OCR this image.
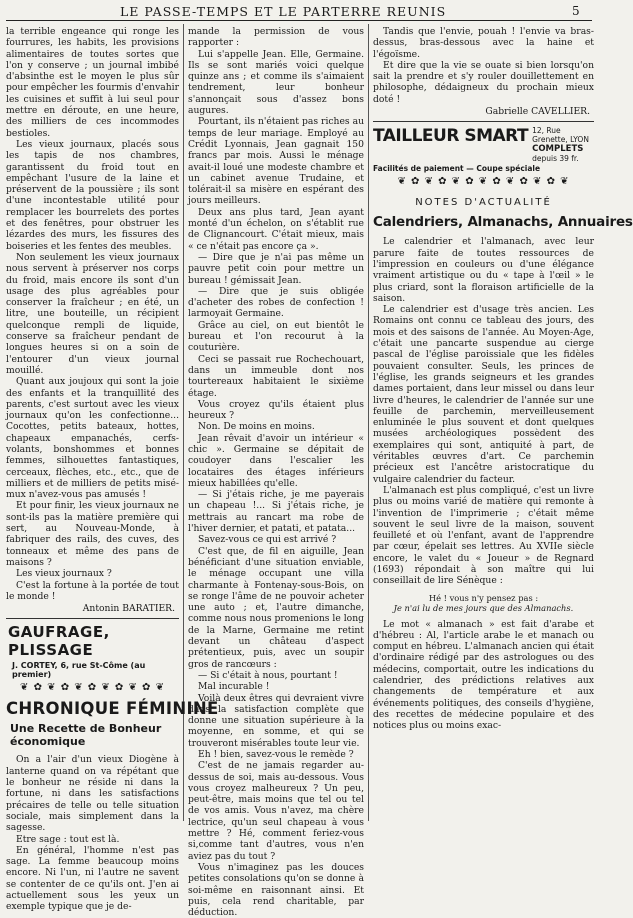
LE PASSE-TEMPS ET LE PARTERRE REUNIS	5

la terrible engeance qui ronge les fourrures, les habits, les provisions alimentaires de toutes sortes que l'on y conserve ; un journal imbibé d'absinthe est le moyen le plus sûr pour empêcher les fourmis d'envahir les cuisines et suffit à lui seul pour mettre en déroute, en une heure, des milliers de ces incommodes bestioles.

Les vieux journaux, placés sous les tapis de nos chambres, garantissent du froid tout en empêchant l'usure de la laine et préservent de la poussière ; ils sont d'une incontestable utilité pour remplacer les bourrelets des portes et des fenêtres, pour obstruer les lézardes des murs, les fissures des boiseries et les fentes des meubles.

Non seulement les vieux journaux nous servent à préserver nos corps du froid, mais encore ils sont d'un usage des plus agréables pour conserver la fraîcheur ; en été, un litre, une bouteille, un récipient quelconque rempli de liquide, conserve sa fraîcheur pendant de longues heures si on a soin de l'entourer d'un vieux journal mouillé.

Quant aux joujoux qui sont la joie des enfants et la tranquillité des parents, c'est surtout avec les vieux journaux qu'on les confectionne... Cocottes, petits bateaux, hottes, chapeaux empanachés, cerfs-volants, bonshommes et bonnes femmes, silhouettes fantastiques, cerceaux, flèches, etc., etc., que de milliers et de milliers de petits misé-mux n'avez-vous pas amusés !

Et pour finir, les vieux journaux ne sont-ils pas la matière première qui sert, au Nouveau-Monde, à fabriquer des rails, des cuves, des tonneaux et même des pans de maisons ?

Les vieux journaux ?

C'est la fortune à la portée de tout le monde !

Antonin BARATIER.

GAUFRAGE, PLISSAGE
J. CORTEY, 6, rue St-Côme (au premier)
❦ ✿ ❦ ✿ ❦ ✿ ❦ ✿ ❦ ✿ ❦
CHRONIQUE FÉMININE
Une Recette de Bonheur économique

On a l'air d'un vieux Diogène à lanterne quand on va répétant que le bonheur ne réside ni dans la fortune, ni dans les satisfactions précaires de telle ou telle situation sociale, mais simplement dans la sagesse.

Etre sage : tout est là.

En général, l'homme n'est pas sage. La femme beaucoup moins encore. Ni l'un, ni l'autre ne savent se contenter de ce qu'ils ont. J'en ai actuellement sous les yeux un exemple typique que je de-

mande la permission de vous rapporter :

Lui s'appelle Jean. Elle, Germaine. Ils se sont mariés voici quelque quinze ans ; et comme ils s'aimaient tendrement, leur bonheur s'annonçait sous d'assez bons augures.

Pourtant, ils n'étaient pas riches au temps de leur mariage. Employé au Crédit Lyonnais, Jean gagnait 150 francs par mois. Aussi le ménage avait-il loué une modeste chambre et un cabinet avenue Trudaine, et tolérait-il sa misère en espérant des jours meilleurs.

Deux ans plus tard, Jean ayant monté d'un échelon, on s'établit rue de Clignancourt. C'était mieux, mais « ce n'était pas encore ça ».

— Dire que je n'ai pas même un pauvre petit coin pour mettre un bureau ! gémissait Jean.

— Dire que je suis obligée d'acheter des robes de confection ! larmoyait Germaine.

Grâce au ciel, on eut bientôt le bureau et l'on recourut à la couturière.

Ceci se passait rue Rochechouart, dans un immeuble dont nos tourtereaux habitaient le sixième étage.

Vous croyez qu'ils étaient plus heureux ?

Non. De moins en moins.

Jean rêvait d'avoir un intérieur « chic ». Germaine se dépitait de coudoyer dans l'escalier les locataires des étages inférieurs mieux habillées qu'elle.

— Si j'étais riche, je me payerais un chapeau !... Si j'étais riche, je mettrais au rancart ma robe de l'hiver dernier, et patati, et patata...

Savez-vous ce qui est arrivé ?

C'est que, de fil en aiguille, Jean bénéficiant d'une situation enviable, le ménage occupant une villa charmante à Fontenay-sous-Bois, on se ronge l'âme de ne pouvoir acheter une auto ; et, l'autre dimanche, comme nous nous promenions le long de la Marne, Germaine me retint devant un château d'aspect prétentieux, puis, avec un soupir gros de rancœurs :

— Si c'était à nous, pourtant !

Mal incurable !

Voilà deux êtres qui devraient vivre dans la satisfaction complète que donne une situation supérieure à la moyenne, en somme, et qui se trouveront misérables toute leur vie.

Eh ! bien, savez-vous le remède ?

C'est de ne jamais regarder au-dessus de soi, mais au-dessous. Vous vous croyez malheureux ? Un peu, peut-être, mais moins que tel ou tel de vos amis. Vous n'avez, ma chère lectrice, qu'un seul chapeau à vous mettre ? Hé, comment feriez-vous si,comme tant d'autres, vous n'en aviez pas du tout ?

Vous n'imaginez pas les douces petites consolations qu'on se donne à soi-même en raisonnant ainsi. Et puis, cela rend charitable, par déduction.

Tandis que l'envie, pouah ! l'envie va bras-dessus, bras-dessous avec la haine et l'égoïsme.

Et dire que la vie se ouate si bien lorsqu'on sait la prendre et s'y rouler douillettement en philosophe, dédaigneux du prochain mieux doté !

Gabrielle CAVELLIER.

TAILLEUR SMART 12, Rue Grenette, LYON
COMPLETS depuis 39 fr.
Facilités de paiement — Coupe spéciale
❦ ✿ ❦ ✿ ❦ ✿ ❦ ✿ ❦ ✿ ❦ ✿ ❦
NOTES D'ACTUALITÉ
Calendriers, Almanachs, Annuaires

Le calendrier et l'almanach, avec leur parure faite de toutes ressources de l'impression en couleurs ou d'une élégance vraiment artistique ou du « tape à l'œil » le plus criard, sont la floraison artificielle de la saison.

Le calendrier est d'usage très ancien. Les Romains ont connu ce tableau des jours, des mois et des saisons de l'année. Au Moyen-Age, c'était une pancarte suspendue au cierge pascal de l'église paroissiale que les fidèles pouvaient consulter. Seuls, les princes de l'église, les grands seigneurs et les grandes dames portaient, dans leur missel ou dans leur livre d'heures, le calendrier de l'année sur une feuille de parchemin, merveilleusement enluminée le plus souvent et dont quelques musées archéologiques possèdent des exemplaires qui sont, antiquité à part, de véritables œuvres d'art. Ce parchemin précieux est l'ancêtre aristocratique du vulgaire calendrier du facteur.

L'almanach est plus compliqué, c'est un livre plus ou moins varié de matière qui remonte à l'invention de l'imprimerie ; c'était même souvent le seul livre de la maison, souvent feuilleté et où l'enfant, avant de l'apprendre par cœur, épelait ses lettres. Au XVIIe siècle encore, le valet du « Joueur » de Regnard (1693) répondait à son maître qui lui conseillait de lire Sénèque :

Hé ! vous n'y pensez pas :
Je n'ai lu de mes jours que des Almanachs.

Le mot « almanach » est fait d'arabe et d'hébreu : Al, l'article arabe le et manach ou comput en hébreu. L'almanach ancien qui était d'ordinaire rédigé par des astrologues ou des médecins, comportait, outre les indications du calendrier, des prédictions relatives aux changements de température et aux événements politiques, des conseils d'hygiène, des recettes de médecine populaire et des notices plus ou moins exac-
